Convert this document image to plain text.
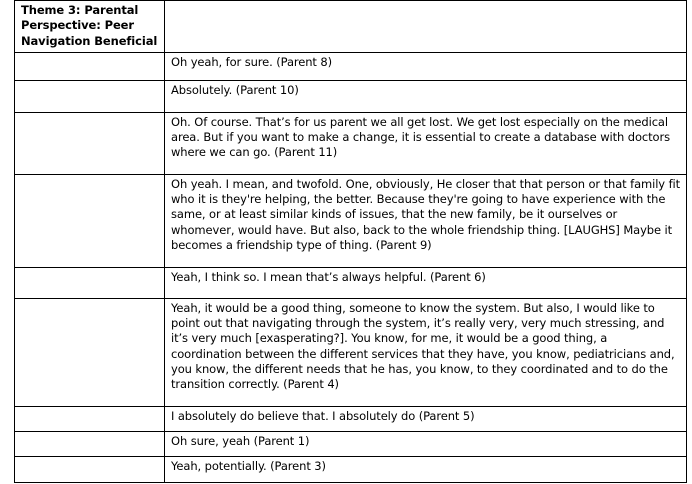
Theme 3: Parental Perspective: Peer Navigation Beneficial	
	Oh yeah, for sure. (Parent 8)
	Absolutely. (Parent 10)
	Oh. Of course. That’s for us parent we all get lost. We get lost especially on the medical area. But if you want to make a change, it is essential to create a database with doctors where we can go. (Parent 11)
	Oh yeah. I mean, and twofold. One, obviously, He closer that that person or that family fit who it is they're helping, the better. Because they're going to have experience with the same, or at least similar kinds of issues, that the new family, be it ourselves or whomever, would have. But also, back to the whole friendship thing. [LAUGHS] Maybe it becomes a friendship type of thing. (Parent 9)
	Yeah, I think so. I mean that’s always helpful. (Parent 6)
	Yeah, it would be a good thing, someone to know the system. But also, I would like to point out that navigating through the system, it’s really very, very much stressing, and it’s very much [exasperating?]. You know, for me, it would be a good thing, a coordination between the different services that they have, you know, pediatricians and, you know, the different needs that he has, you know, to they coordinated and to do the transition correctly. (Parent 4)
	I absolutely do believe that. I absolutely do (Parent 5)
	Oh sure, yeah (Parent 1)
	Yeah, potentially. (Parent 3)
